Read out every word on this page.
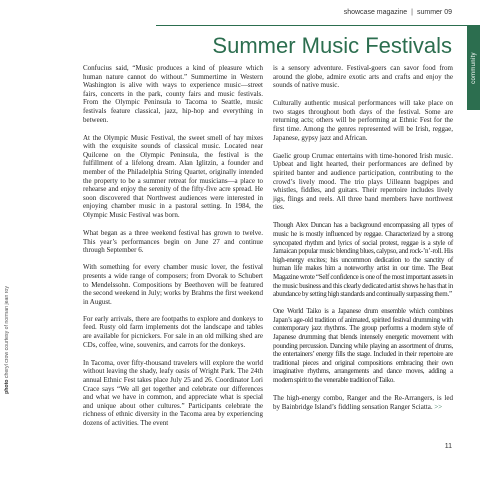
showcase magazine | summer 09
community
Summer Music Festivals
photo cheryl crow courtesy of norman jean roy

Confucius said, “Music produces a kind of pleasure which human nature cannot do without.” Summertime in Western Washington is alive with ways to experience music—street fairs, concerts in the park, county fairs and music festivals. From the Olympic Peninsula to Tacoma to Seattle, music festivals feature classical, jazz, hip-hop and everything in between.

At the Olympic Music Festival, the sweet smell of hay mixes with the exquisite sounds of classical music. Located near Quilcene on the Olympic Peninsula, the festival is the fulfillment of a lifelong dream. Alan Iglitzin, a founder and member of the Philadelphia String Quartet, originally intended the property to be a summer retreat for musicians—a place to rehearse and enjoy the serenity of the fifty-five acre spread. He soon discovered that Northwest audiences were interested in enjoying chamber music in a pastoral setting. In 1984, the Olympic Music Festival was born.

What began as a three weekend festival has grown to twelve. This year’s performances begin on June 27 and continue through September 6.

With something for every chamber music lover, the festival presents a wide range of composers; from Dvorak to Schubert to Mendelssohn. Compositions by Beethoven will be featured the second weekend in July; works by Brahms the first weekend in August.

For early arrivals, there are footpaths to explore and donkeys to feed. Rusty old farm implements dot the landscape and tables are available for picnickers. For sale in an old milking shed are CDs, coffee, wine, souvenirs, and carrots for the donkeys.

In Tacoma, over fifty-thousand travelers will explore the world without leaving the shady, leafy oasis of Wright Park. The 24th annual Ethnic Fest takes place July 25 and 26. Coordinator Lori Crace says “We all get together and celebrate our differences and what we have in common, and appreciate what is special and unique about other cultures.” Participants celebrate the richness of ethnic diversity in the Tacoma area by experiencing dozens of activities. The event

is a sensory adventure. Festival-goers can savor food from around the globe, admire exotic arts and crafts and enjoy the sounds of native music.

Culturally authentic musical performances will take place on two stages throughout both days of the festival. Some are returning acts; others will be performing at Ethnic Fest for the first time. Among the genres represented will be Irish, reggae, Japanese, gypsy jazz and African.

Gaelic group Crumac entertains with time-honored Irish music. Upbeat and light hearted, their performances are defined by spirited banter and audience participation, contributing to the crowd’s lively mood. The trio plays Uilleann bagpipes and whistles, fiddles, and guitars. Their repertoire includes lively jigs, flings and reels. All three band members have northwest ties.

Though Alex Duncan has a background encompassing all types of music he is mostly influenced by reggae. Characterized by a strong syncopated rhythm and lyrics of social protest, reggae is a style of Jamaican popular music blending blues, calypso, and rock-’n’-roll. His high-energy excites; his uncommon dedication to the sanctity of human life makes him a noteworthy artist in our time. The Beat Magazine wrote “Self confidence is one of the most important assets in the music business and this clearly dedicated artist shows he has that in abundance by setting high standards and continually surpassing them.”

One World Taiko is a Japanese drum ensemble which combines Japan’s age-old tradition of animated, spirited festival drumming with contemporary jazz rhythms. The group performs a modern style of Japanese drumming that blends intensely energetic movement with pounding percussion. Dancing while playing an assortment of drums, the entertainers’ energy fills the stage. Included in their repertoire are traditional pieces and original compositions embracing their own imaginative rhythms, arrangements and dance moves, adding a modern spirit to the venerable tradition of Taiko.

The high-energy combo, Ranger and the Re-Arrangers, is led by Bainbridge Island’s fiddling sensation Ranger Sciatta. >>

11
